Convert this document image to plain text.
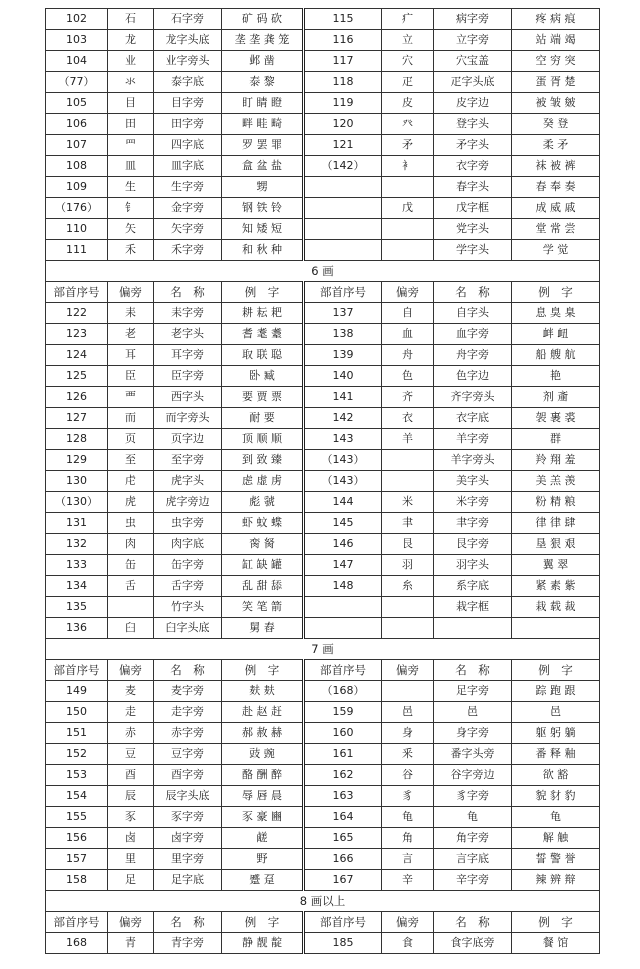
102	石	石字旁	矿 码 砍	115	疒	病字旁	疼 病 痕
103	龙	龙字头底	垄 垄 龚 笼	116	立	立字旁	站 端 竭
104	业	业字旁头	邺 凿	117	穴	穴宝盖	空 穷 突
（77）	氺	泰字底	泰 黎	118	疋	疋字头底	蛋 胥 楚
105	目	目字旁	盯 睛 瞪	119	皮	皮字边	被 皱 皴
106	田	田字旁	畔 畦 畸	120	癶	登字头	癸 登
107	罒	四字底	罗 罢 罪	121	矛	矛字头	柔 矛
108	皿	皿字底	盒 盆 盐	（142）	衤	衣字旁	袜 被 裤
109	生	生字旁	甥			春字头	春 奉 奏
（176）	钅	金字旁	钢 铁 铃		戊	戊字框	成 威 戚
110	矢	矢字旁	知 矮 短			党字头	堂 常 尝
111	禾	禾字旁	和 秋 种			学字头	学 觉
6 画							
部首序号	偏旁	名　称	例　字	部首序号	偏旁	名　称	例　字
122	耒	耒字旁	耕 耘 耙	137	自	自字头	息 臭 臬
123	老	老字头	耆 耄 耋	138	血	血字旁	衅 衄
124	耳	耳字旁	取 联 聪	139	舟	舟字旁	船 艘 航
125	臣	臣字旁	卧 臧	140	色	色字边	艳
126	覀	西字头	要 贾 票	141	齐	齐字旁头	剂 齑
127	而	而字旁头	耐 要	142	衣	衣字底	袈 裹 裘
128	页	页字边	顶 顺 顺	143	羊	羊字旁	群
129	至	至字旁	到 致 臻	（143）		羊字旁头	羚 翔 羞
130	虍	虎字头	虑 虚 虏	（143）		美字头	美 羔 羡
（130）	虎	虎字旁边	彪 虢	144	米	米字旁	粉 精 粮
131	虫	虫字旁	虾 蚊 蝶	145	聿	聿字旁	律 律 肆
132	肉	肉字底	脔 胬	146	艮	艮字旁	垦 狠 艰
133	缶	缶字旁	缸 缺 罐	147	羽	羽字头	翼 翠
134	舌	舌字旁	乱 甜 舔	148	糸	系字底	紧 素 紫
135		竹字头	笑 笔 箭			栽字框	栽 载 裁
136	臼	臼字头底	舅 舂				
7 画							
部首序号	偏旁	名　称	例　字	部首序号	偏旁	名　称	例　字
149	麦	麦字旁	麸 麸	（168）		足字旁	踪 跑 跟
150	走	走字旁	赴 赵 赶	159	邑	邑	邑
151	赤	赤字旁	郝 赦 赫	160	身	身字旁	躯 躬 躺
152	豆	豆字旁	豉 豌	161	釆	番字头旁	番 释 釉
153	酉	酉字旁	酪 酬 醉	162	谷	谷字旁边	欲 豁
154	辰	辰字头底	辱 唇 晨	163	豸	豸字旁	貌 豺 豹
155	豕	豕字旁	豕 豪 豳	164	龟	龟	龟
156	卤	卤字旁	鹾	165	角	角字旁	解 触
157	里	里字旁	野	166	言	言字底	誓 警 誉
158	足	足字底	蹙 趸	167	辛	辛字旁	辣 辨 辩
8 画以上							
部首序号	偏旁	名　称	例　字	部首序号	偏旁	名　称	例　字
168	青	青字旁	静 靓 靛	185	食	食字底旁	餐 馆
